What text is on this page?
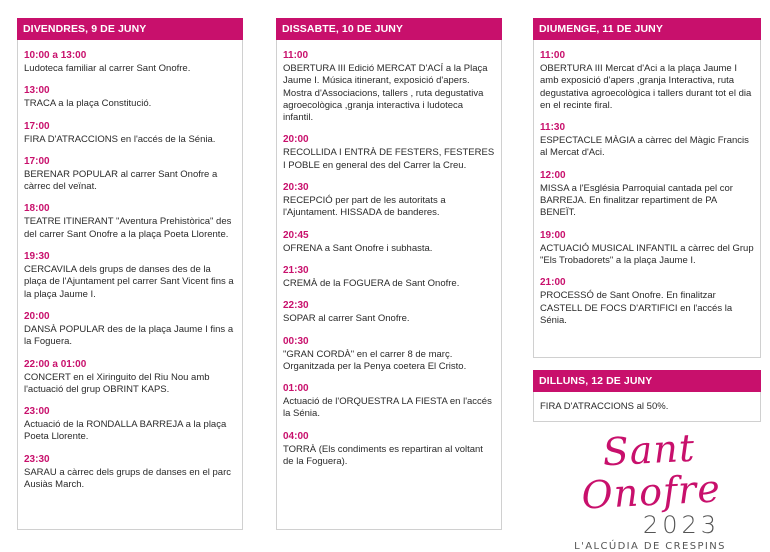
DIVENDRES, 9 DE JUNY
10:00 a 13:00
Ludoteca familiar al carrer Sant Onofre.
13:00
TRACA a la plaça Constitució.
17:00
FIRA D'ATRACCIONS en l'accés de la Sénia.
17:00
BERENAR POPULAR al carrer Sant Onofre a càrrec del veïnat.
18:00
TEATRE ITINERANT "Aventura Prehistòrica" des del carrer Sant Onofre a la plaça Poeta Llorente.
19:30
CERCAVILA dels grups de danses des de la plaça de l'Ajuntament pel carrer Sant Vicent fins a la plaça Jaume I.
20:00
DANSÀ POPULAR des de la plaça Jaume I fins a la Foguera.
22:00 a 01:00
CONCERT en el Xiringuito del Riu Nou amb l'actuació del grup OBRINT KAPS.
23:00
Actuació de la RONDALLA BARREJA a la plaça Poeta Llorente.
23:30
SARAU a càrrec dels grups de danses en el parc Ausiàs March.
DISSABTE, 10 DE JUNY
11:00
OBERTURA III Edició MERCAT D'ACÍ a la Plaça Jaume I. Música itinerant, exposició d'apers. Mostra d'Associacions, tallers , ruta degustativa agroecològica ,granja interactiva i ludoteca infantil.
20:00
RECOLLIDA I ENTRÀ DE FESTERS, FESTERES I POBLE en general des del Carrer la Creu.
20:30
RECEPCIÓ per part de les autoritats a l'Ajuntament. HISSADA de banderes.
20:45
OFRENA a Sant Onofre i subhasta.
21:30
CREMÀ de la FOGUERA de Sant Onofre.
22:30
SOPAR al carrer Sant Onofre.
00:30
"GRAN CORDÀ" en el carrer 8 de març. Organitzada per la Penya coetera El Cristo.
01:00
Actuació de l'ORQUESTRA LA FIESTA en l'accés la Sénia.
04:00
TORRÀ (Els condiments es repartiran al voltant de la Foguera).
DIUMENGE, 11 DE JUNY
11:00
OBERTURA III Mercat d'Aci a la plaça Jaume I amb exposició d'apers ,granja Interactiva, ruta degustativa agroecològica i tallers durant tot el dia en el recinte firal.
11:30
ESPECTACLE MÀGIA a càrrec del Màgic Francis al Mercat d'Aci.
12:00
MISSA a l'Església Parroquial cantada pel cor BARREJA. En finalitzar repartiment de PA BENEÏT.
19:00
ACTUACIÓ MUSICAL INFANTIL a càrrec del Grup "Els Trobadorets" a la plaça Jaume I.
21:00
PROCESSÓ de Sant Onofre. En finalitzar CASTELL DE FOCS D'ARTIFICI en l'accés la Sénia.
DILLUNS, 12 DE JUNY
FIRA D'ATRACCIONS al 50%.
Sant Onofre
2023
L'ALCÚDIA DE CRESPINS
